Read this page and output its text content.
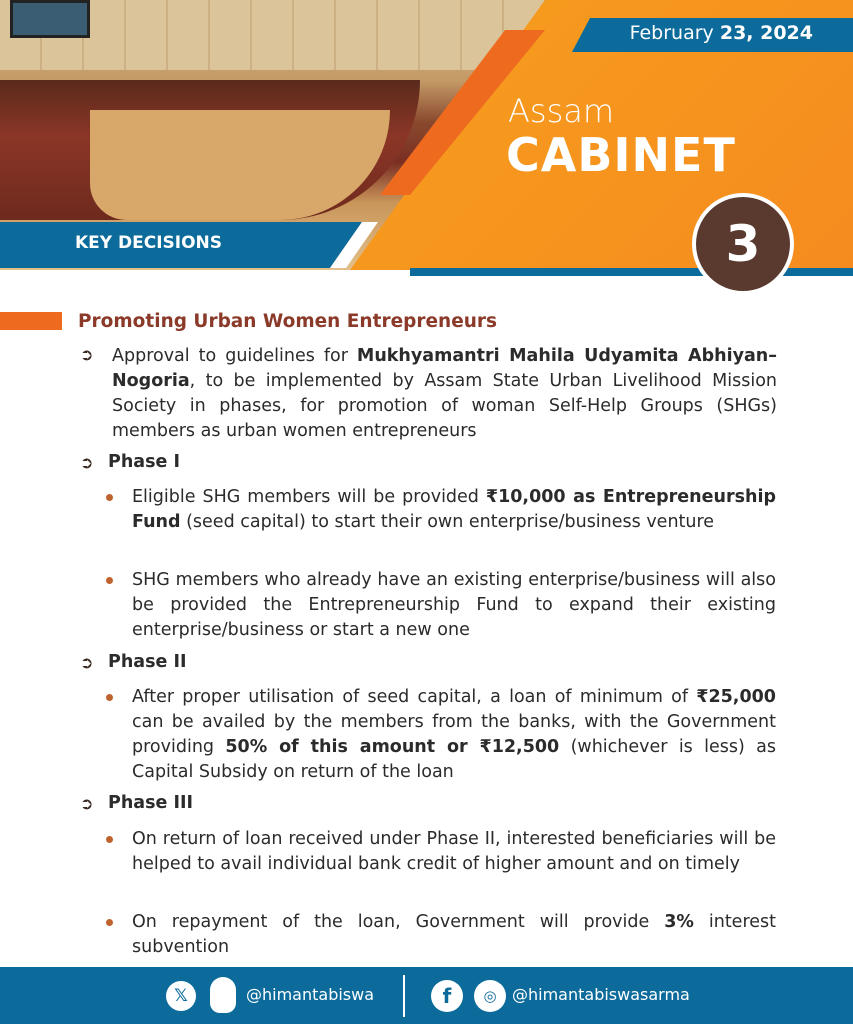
February 23, 2024
Assam
CABINET
KEY DECISIONS	3
Promoting Urban Women Entrepreneurs
➲ Approval to guidelines for Mukhyamantri Mahila Udyamita Abhiyan– Nogoria, to be implemented by Assam State Urban Livelihood Mission Society in phases, for promotion of woman Self-Help Groups (SHGs) members as urban women entrepreneurs
➲ Phase I
Eligible SHG members will be provided ₹10,000 as Entrepreneurship Fund (seed capital) to start their own enterprise/business venture
SHG members who already have an existing enterprise/business will also be provided the Entrepreneurship Fund to expand their existing enterprise/business or start a new one
➲ Phase II
After proper utilisation of seed capital, a loan of minimum of ₹25,000 can be availed by the members from the banks, with the Government providing 50% of this amount or ₹12,500 (whichever is less) as Capital Subsidy on return of the loan
➲ Phase III
On return of loan received under Phase II, interested beneficiaries will be helped to avail individual bank credit of higher amount and on timely
On repayment of the loan, Government will provide 3% interest subvention
𝕏	@himantabiswa	f	◎ @himantabiswasarma
